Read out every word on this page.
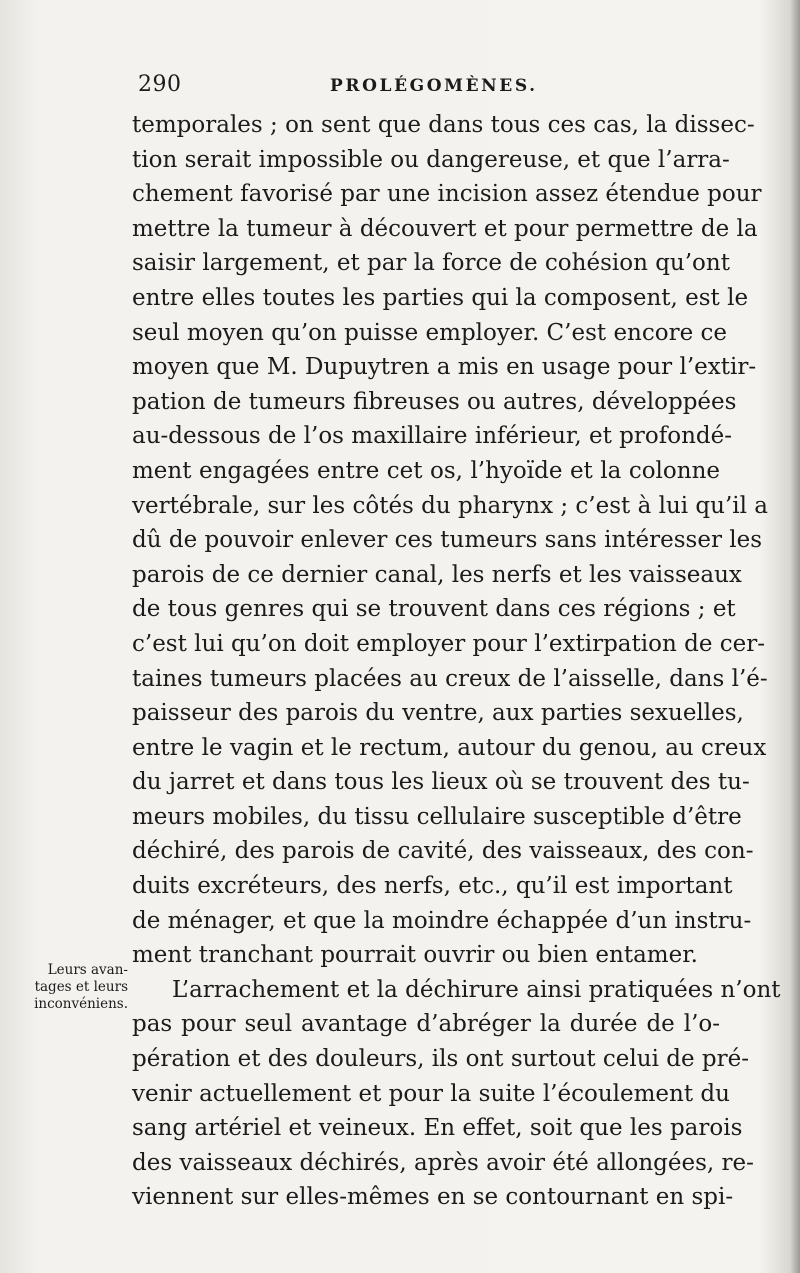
290	PROLÉGOMÈNES.
Leurs avan-
tages et leurs
inconvéniens.
temporales ; on sent que dans tous ces cas, la dissec-
tion serait impossible ou dangereuse, et que l’arra-
chement favorisé par une incision assez étendue pour
mettre la tumeur à découvert et pour permettre de la
saisir largement, et par la force de cohésion qu’ont
entre elles toutes les parties qui la composent, est le
seul moyen qu’on puisse employer. C’est encore ce
moyen que M. Dupuytren a mis en usage pour l’extir-
pation de tumeurs fibreuses ou autres, développées
au-dessous de l’os maxillaire inférieur, et profondé-
ment engagées entre cet os, l’hyoïde et la colonne
vertébrale, sur les côtés du pharynx ; c’est à lui qu’il a
dû de pouvoir enlever ces tumeurs sans intéresser les
parois de ce dernier canal, les nerfs et les vaisseaux
de tous genres qui se trouvent dans ces régions ; et
c’est lui qu’on doit employer pour l’extirpation de cer-
taines tumeurs placées au creux de l’aisselle, dans l’é-
paisseur des parois du ventre, aux parties sexuelles,
entre le vagin et le rectum, autour du genou, au creux
du jarret et dans tous les lieux où se trouvent des tu-
meurs mobiles, du tissu cellulaire susceptible d’être
déchiré, des parois de cavité, des vaisseaux, des con-
duits excréteurs, des nerfs, etc., qu’il est important
de ménager, et que la moindre échappée d’un instru-
ment tranchant pourrait ouvrir ou bien entamer.
L’arrachement et la déchirure ainsi pratiquées n’ont
pas pour seul avantage d’abréger la durée de l’o-
pération et des douleurs, ils ont surtout celui de pré-
venir actuellement et pour la suite l’écoulement du
sang artériel et veineux. En effet, soit que les parois
des vaisseaux déchirés, après avoir été allongées, re-
viennent sur elles-mêmes en se contournant en spi-
